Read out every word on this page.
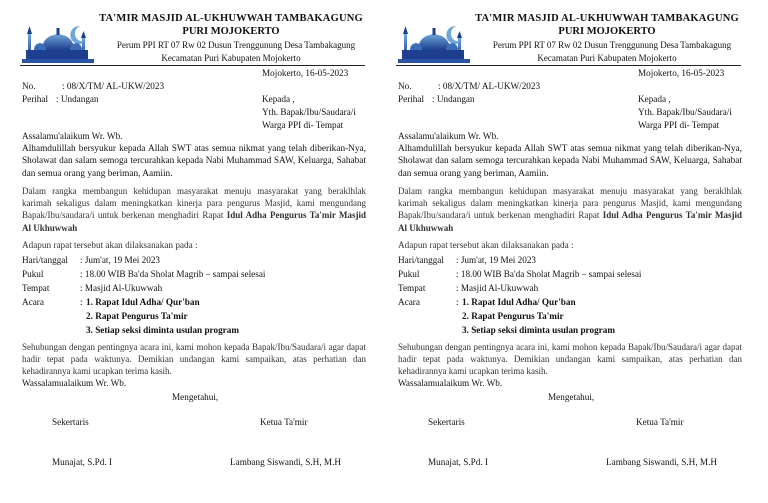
TA'MIR MASJID AL-UKHUWWAH TAMBAKAGUNG
PURI MOJOKERTO
Perum PPI RT 07 Rw 02 Dusun Trenggunung Desa Tambakagung
Kecamatan Puri Kabupaten Mojokerto
Mojokerto, 16-05-2023
No.	: 08/X/TM/ AL-UKW/2023
Perihal : Undangan	Kepada ,
Yth. Bapak/Ibu/Saudara/i
Warga PPI di- Tempat
Assalamu'alaikum Wr. Wb.
Alhamdulillah bersyukur kepada Allah SWT atas semua nikmat yang telah diberikan-Nya, Sholawat dan salam semoga tercurahkan kepada Nabi Muhammad SAW, Keluarga, Sahabat dan semua orang yang beriman, Aamiin.
Dalam rangka membangun kehidupan masyarakat menuju masyarakat yang beraklhlak karimah sekaligus dalam meningkatkan kinerja para pengurus Masjid, kami mengundang Bapak/Ibu/saudara/i untuk berkenan menghadiri Rapat Idul Adha Pengurus Ta'mir Masjid Al Ukhuwwah
Adapun rapat tersebut akan dilaksanakan pada :
Hari/tanggal : Jum'at, 19 Mei 2023
Pukul	: 18.00 WIB Ba'da Sholat Magrib – sampai selesai
Tempat	: Masjid Al-Ukuwwah
Acara	: 1. Rapat Idul Adha/ Qur'ban
2. Rapat Pengurus Ta'mir
3. Setiap seksi diminta usulan program
Sehubungan dengan pentingnya acara ini, kami mohon kepada Bapak/Ibu/Saudara/i agar dapat hadir tepat pada waktunya. Demikian undangan kami sampaikan, atas perhatian dan kehadirannya kami ucapkan terima kasih.
Wassalamualaikum Wr. Wb.
Mengetahui,
Sekertaris	Ketua Ta'mir
Munajat, S.Pd. I	Lambang Siswandi, S.H, M.H
TA'MIR MASJID AL-UKHUWWAH TAMBAKAGUNG
PURI MOJOKERTO
Perum PPI RT 07 Rw 02 Dusun Trenggunung Desa Tambakagung
Kecamatan Puri Kabupaten Mojokerto
Mojokerto, 16-05-2023
No.	: 08/X/TM/ AL-UKW/2023
Perihal : Undangan	Kepada ,
Yth. Bapak/Ibu/Saudara/i
Warga PPI di- Tempat
Assalamu'alaikum Wr. Wb.
Alhamdulillah bersyukur kepada Allah SWT atas semua nikmat yang telah diberikan-Nya, Sholawat dan salam semoga tercurahkan kepada Nabi Muhammad SAW, Keluarga, Sahabat dan semua orang yang beriman, Aamiin.
Dalam rangka membangun kehidupan masyarakat menuju masyarakat yang beraklhlak karimah sekaligus dalam meningkatkan kinerja para pengurus Masjid, kami mengundang Bapak/Ibu/saudara/i untuk berkenan menghadiri Rapat Idul Adha Pengurus Ta'mir Masjid Al Ukhuwwah
Adapun rapat tersebut akan dilaksanakan pada :
Hari/tanggal : Jum'at, 19 Mei 2023
Pukul	: 18.00 WIB Ba'da Sholat Magrib – sampai selesai
Tempat	: Masjid Al-Ukuwwah
Acara	: 1. Rapat Idul Adha/ Qur'ban
2. Rapat Pengurus Ta'mir
3. Setiap seksi diminta usulan program
Sehubungan dengan pentingnya acara ini, kami mohon kepada Bapak/Ibu/Saudara/i agar dapat hadir tepat pada waktunya. Demikian undangan kami sampaikan, atas perhatian dan kehadirannya kami ucapkan terima kasih.
Wassalamualaikum Wr. Wb.
Mengetahui,
Sekertaris	Ketua Ta'mir
Munajat, S.Pd. I	Lambang Siswandi, S.H, M.H
